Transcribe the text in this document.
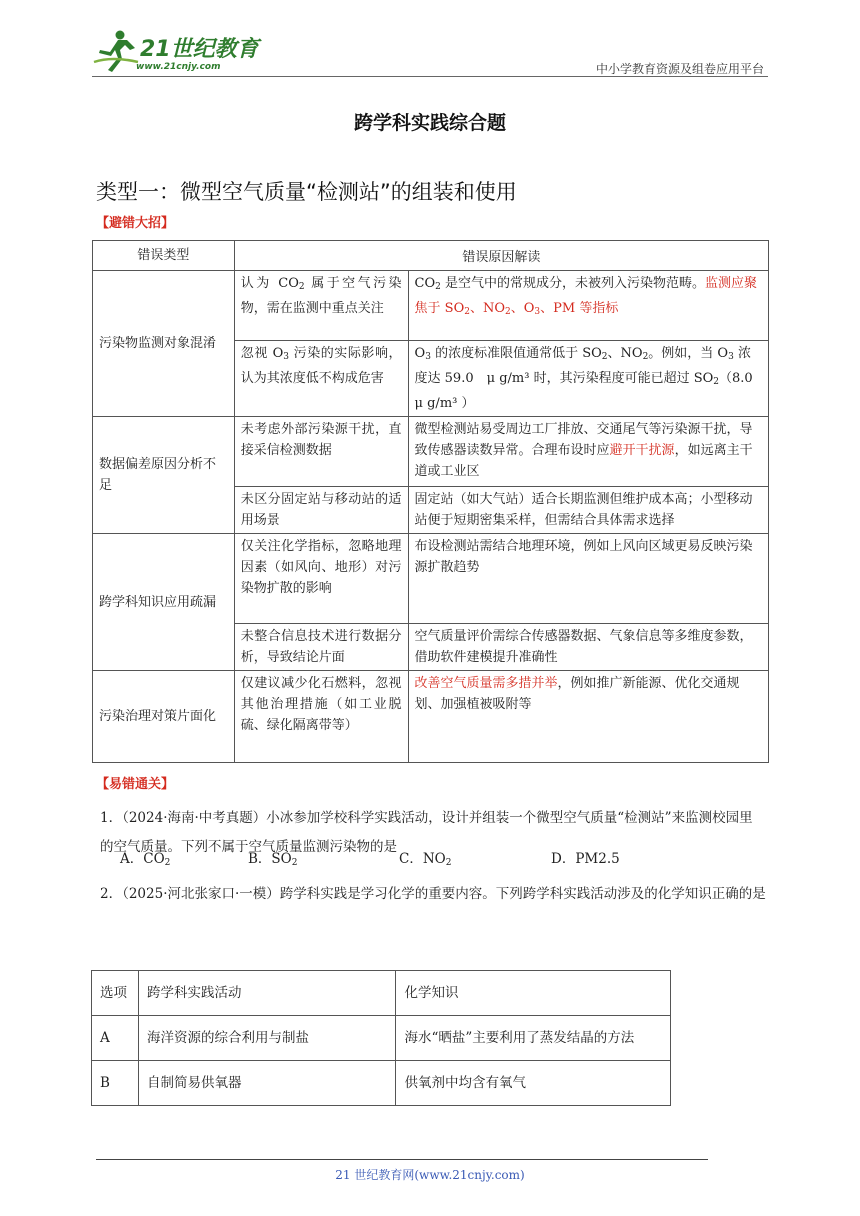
21世纪教育
www.21cnjy.com	中小学教育资源及组卷应用平台
跨学科实践综合题
类型一：微型空气质量“检测站”的组装和使用
【避错大招】
错误类型	错误原因解读	
污染物监测对象混淆	认为 $CO_2$ 属于空气污染物，需在监测中重点关注	$CO_2$ 是空气中的常规成分，未被列入污染物范畴。监测应聚焦于 $SO_2$、$NO_2$、$O_3$、PM 等指标
	忽视 $O_3$ 污染的实际影响，认为其浓度低不构成危害	$O_3$ 的浓度标准限值通常低于 $SO_2$、$NO_2$。例如，当 $O_3$ 浓度达 59.0　μ g/m³ 时，其污染程度可能已超过 $SO_2(8.0$　μ g/m³ ）
数据偏差原因分析不足	未考虑外部污染源干扰，直接采信检测数据	微型检测站易受周边工厂排放、交通尾气等污染源干扰，导致传感器读数异常。合理布设时应避开干扰源，如远离主干道或工业区
	未区分固定站与移动站的适用场景	固定站（如大气站）适合长期监测但维护成本高；小型移动站便于短期密集采样，但需结合具体需求选择
跨学科知识应用疏漏	仅关注化学指标，忽略地理因素（如风向、地形）对污染物扩散的影响	布设检测站需结合地理环境，例如上风向区域更易反映污染源扩散趋势
	未整合信息技术进行数据分析，导致结论片面	空气质量评价需综合传感器数据、气象信息等多维度参数，借助软件建模提升准确性
污染治理对策片面化	仅建议减少化石燃料，忽视其他治理措施（如工业脱硫、绿化隔离带等）	改善空气质量需多措并举，例如推广新能源、优化交通规划、加强植被吸附等
【易错通关】
1．（2024·海南·中考真题）小冰参加学校科学实践活动，设计并组装一个微型空气质量“检测站”来监测校园里　的空气质量。下列不属于空气质量监测污染物的是
A．$CO_2$	B．$SO_2$	C．$NO_2$	D．PM2.5
2．（2025·河北张家口·一模）跨学科实践是学习化学的重要内容。下列跨学科实践活动涉及的化学知识正确的是
选项	跨学科实践活动	化学知识
A	海洋资源的综合利用与制盐	海水“晒盐”主要利用了蒸发结晶的方法
B	自制简易供氧器	供氧剂中均含有氧气
21 世纪教育网(www.21cnjy.com)
